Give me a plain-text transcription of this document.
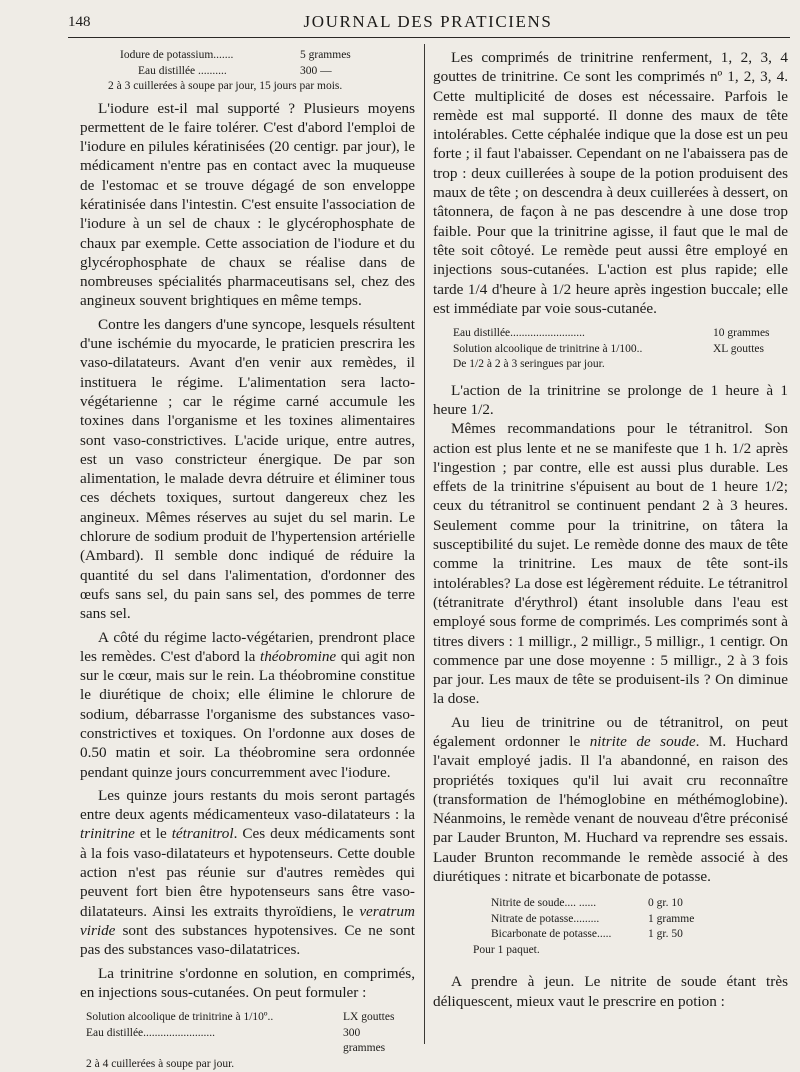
148	JOURNAL DES PRATICIENS
Iodure de potassium.......	5 grammes
Eau distillée ..........	300 —
2 à 3 cuillerées à soupe par jour, 15 jours par mois.

L'iodure est-il mal supporté ? Plusieurs moyens permettent de le faire tolérer. C'est d'abord l'emploi de l'iodure en pilules kératinisées (20 centigr. par jour), le médicament n'entre pas en contact avec la muqueuse de l'estomac et se trouve dégagé de son enveloppe kératinisée dans l'intestin. C'est ensuite l'association de l'iodure à un sel de chaux : le glycérophosphate de chaux par exemple. Cette association de l'iodure et du glycérophosphate de chaux se réalise dans de nombreuses spécialités pharmaceutisans sel, chez des angineux souvent brightiques en même temps.

Contre les dangers d'une syncope, lesquels résultent d'une ischémie du myocarde, le praticien prescrira les vaso-dilatateurs. Avant d'en venir aux remèdes, il instituera le régime. L'alimentation sera lacto-végétarienne ; car le régime carné accumule les toxines dans l'organisme et les toxines alimentaires sont vaso-constrictives. L'acide urique, entre autres, est un vaso constricteur énergique. De par son alimentation, le malade devra détruire et éliminer tous ces déchets toxiques, surtout dangereux chez les angineux. Mêmes réserves au sujet du sel marin. Le chlorure de sodium produit de l'hypertension artérielle (Ambard). Il semble donc indiqué de réduire la quantité du sel dans l'alimentation, d'ordonner des œufs sans sel, du pain sans sel, des pommes de terre sans sel.

A côté du régime lacto-végétarien, prendront place les remèdes. C'est d'abord la théobromine qui agit non sur le cœur, mais sur le rein. La théobromine constitue le diurétique de choix; elle élimine le chlorure de sodium, débarrasse l'organisme des substances vaso-constrictives et toxiques. On l'ordonne aux doses de 0.50 matin et soir. La théobromine sera ordonnée pendant quinze jours concurremment avec l'iodure.

Les quinze jours restants du mois seront partagés entre deux agents médicamenteux vaso-dilatateurs : la trinitrine et le tétranitrol. Ces deux médicaments sont à la fois vaso-dilatateurs et hypotenseurs. Cette double action n'est pas réunie sur d'autres remèdes qui peuvent fort bien être hypotenseurs sans être vaso-dilatateurs. Ainsi les extraits thyroïdiens, le veratrum viride sont des substances hypotensives. Ce ne sont pas des substances vaso-dilatatrices.

La trinitrine s'ordonne en solution, en comprimés, en injections sous-cutanées. On peut formuler :

Solution alcoolique de trinitrine à 1/10º..	LX gouttes
Eau distillée.........................	300 grammes
2 à 4 cuillerées à soupe par jour.

Les comprimés de trinitrine renferment, 1, 2, 3, 4 gouttes de trinitrine. Ce sont les comprimés nº 1, 2, 3, 4. Cette multiplicité de doses est nécessaire. Parfois le remède est mal supporté. Il donne des maux de tête intolérables. Cette céphalée indique que la dose est un peu forte ; il faut l'abaisser. Cependant on ne l'abaissera pas de trop : deux cuillerées à soupe de la potion produisent des maux de tête ; on descendra à deux cuillerées à dessert, on tâtonnera, de façon à ne pas descendre à une dose trop faible. Pour que la trinitrine agisse, il faut que le mal de tête soit côtoyé. Le remède peut aussi être employé en injections sous-cutanées. L'action est plus rapide; elle tarde 1/4 d'heure à 1/2 heure après ingestion buccale; elle est immédiate par voie sous-cutanée.

Eau distillée..........................	10 grammes
Solution alcoolique de trinitrine à 1/100..	XL gouttes
De 1/2 à 2 à 3 seringues par jour.

L'action de la trinitrine se prolonge de 1 heure à 1 heure 1/2.

Mêmes recommandations pour le tétranitrol. Son action est plus lente et ne se manifeste que 1 h. 1/2 après l'ingestion ; par contre, elle est aussi plus durable. Les effets de la trinitrine s'épuisent au bout de 1 heure 1/2; ceux du tétranitrol se continuent pendant 2 à 3 heures. Seulement comme pour la trinitrine, on tâtera la susceptibilité du sujet. Le remède donne des maux de tête comme la trinitrine. Les maux de tête sont-ils intolérables? La dose est légèrement réduite. Le tétranitrol (tétranitrate d'érythrol) étant insoluble dans l'eau est employé sous forme de comprimés. Les comprimés sont à titres divers : 1 milligr., 2 milligr., 5 milligr., 1 centigr. On commence par une dose moyenne : 5 milligr., 2 à 3 fois par jour. Les maux de tête se produisent-ils ? On diminue la dose.

Au lieu de trinitrine ou de tétranitrol, on peut également ordonner le nitrite de soude. M. Huchard l'avait employé jadis. Il l'a abandonné, en raison des propriétés toxiques qu'il lui avait cru reconnaître (transformation de l'hémoglobine en méthémoglobine). Néanmoins, le remède venant de nouveau d'être préconisé par Lauder Brunton, M. Huchard va reprendre ses essais. Lauder Brunton recommande le remède associé à des diurétiques : nitrate et bicarbonate de potasse.

Nitrite de soude.... ......	0 gr. 10
Nitrate de potasse.........	1 gramme
Bicarbonate de potasse.....	1 gr. 50
Pour 1 paquet.

A prendre à jeun. Le nitrite de soude étant très déliquescent, mieux vaut le prescrire en potion :
